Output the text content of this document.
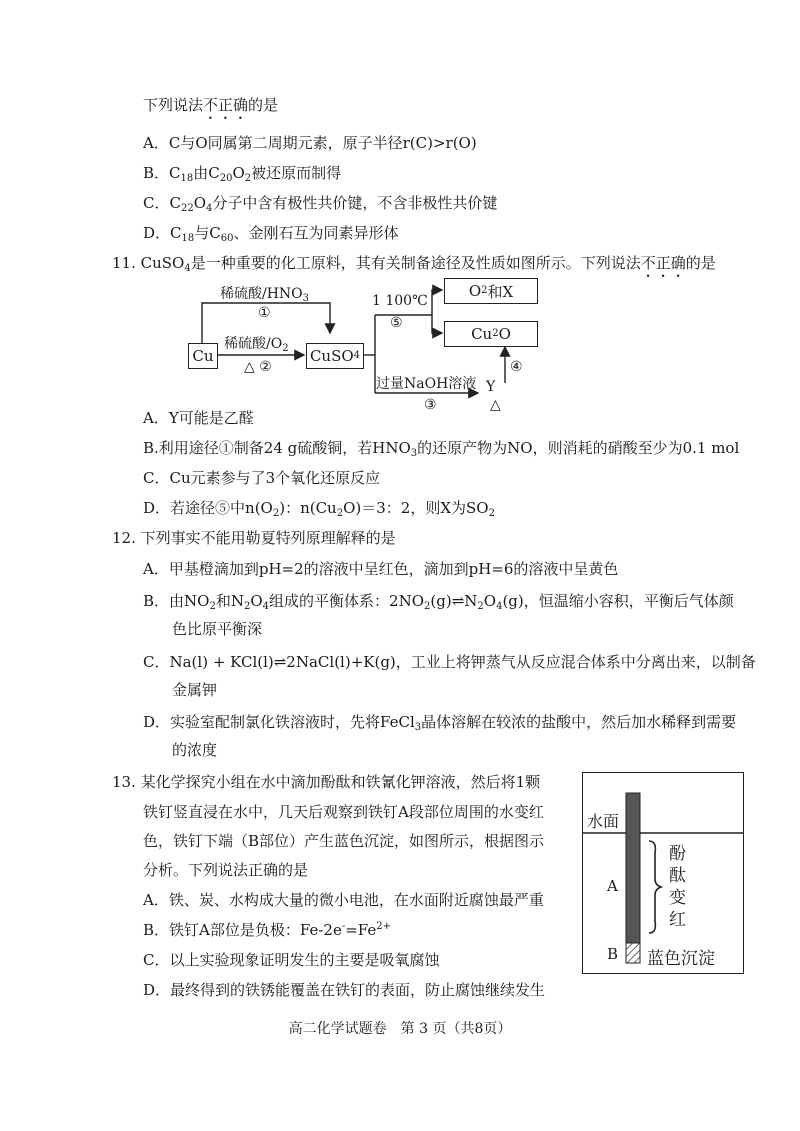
下列说法不正确的是
A．C与O同属第二周期元素，原子半径r(C)>r(O)
B．$C_{18}$由$C_{20}O_2$被还原而制得
C．$C_{22}O_4$分子中含有极性共价键，不含非极性共价键
D．$C_{18}$与$C_{60}$、金刚石互为同素异形体
11. CuSO$_4$是一种重要的化工原料，其有关制备途径及性质如图所示。下列说法不正确的是
Cu	CuSO 4
O 2 和X
Cu 2 O
稀硫酸$/HNO_3$
①
稀硫酸$/O_2$
△ ②
1 100℃
⑤
过量NaOH溶液
③
Y
④
△
A．Y可能是乙醛
B.利用途径①制备24 g硫酸铜，若$HNO_3$的还原产物为NO，则消耗的硝酸至少为0.1 mol
C．Cu元素参与了3个氧化还原反应
D．若途径⑤中$n(O_2)$：$n(Cu_2O)=3$：2，则X为$SO_2$
12. 下列事实不能用勒夏特列原理解释的是
A．甲基橙滴加到pH=2的溶液中呈红色，滴加到pH=6的溶液中呈黄色
B．由$NO_2$和$N_2O_4$组成的平衡体系：$2NO_2(g)\rightleftharpoons N_2O_4(g)$，恒温缩小容积，平衡后气体颜
色比原平衡深
C．Na(l) + KCl(l)⇌2NaCl(l)+K(g)，工业上将钾蒸气从反应混合体系中分离出来，以制备
金属钾
D．实验室配制氯化铁溶液时，先将FeCl$_3$晶体溶解在较浓的盐酸中，然后加水稀释到需要
的浓度
13. 某化学探究小组在水中滴加酚酞和铁氰化钾溶液，然后将1颗
铁钉竖直浸在水中，几天后观察到铁钉A段部位周围的水变红
色，铁钉下端（B部位）产生蓝色沉淀，如图所示，根据图示
分析。下列说法正确的是
A．铁、炭、水构成大量的微小电池，在水面附近腐蚀最严重
B．铁钉A部位是负极：$Fe-2e^-=Fe^{2+}$
C．以上实验现象证明发生的主要是吸氧腐蚀
D．最终得到的铁锈能覆盖在铁钉的表面，防止腐蚀继续发生
水面
A
B
酚
酞
变
红
蓝色沉淀
高二化学试题卷　第 3 页（共8页）
